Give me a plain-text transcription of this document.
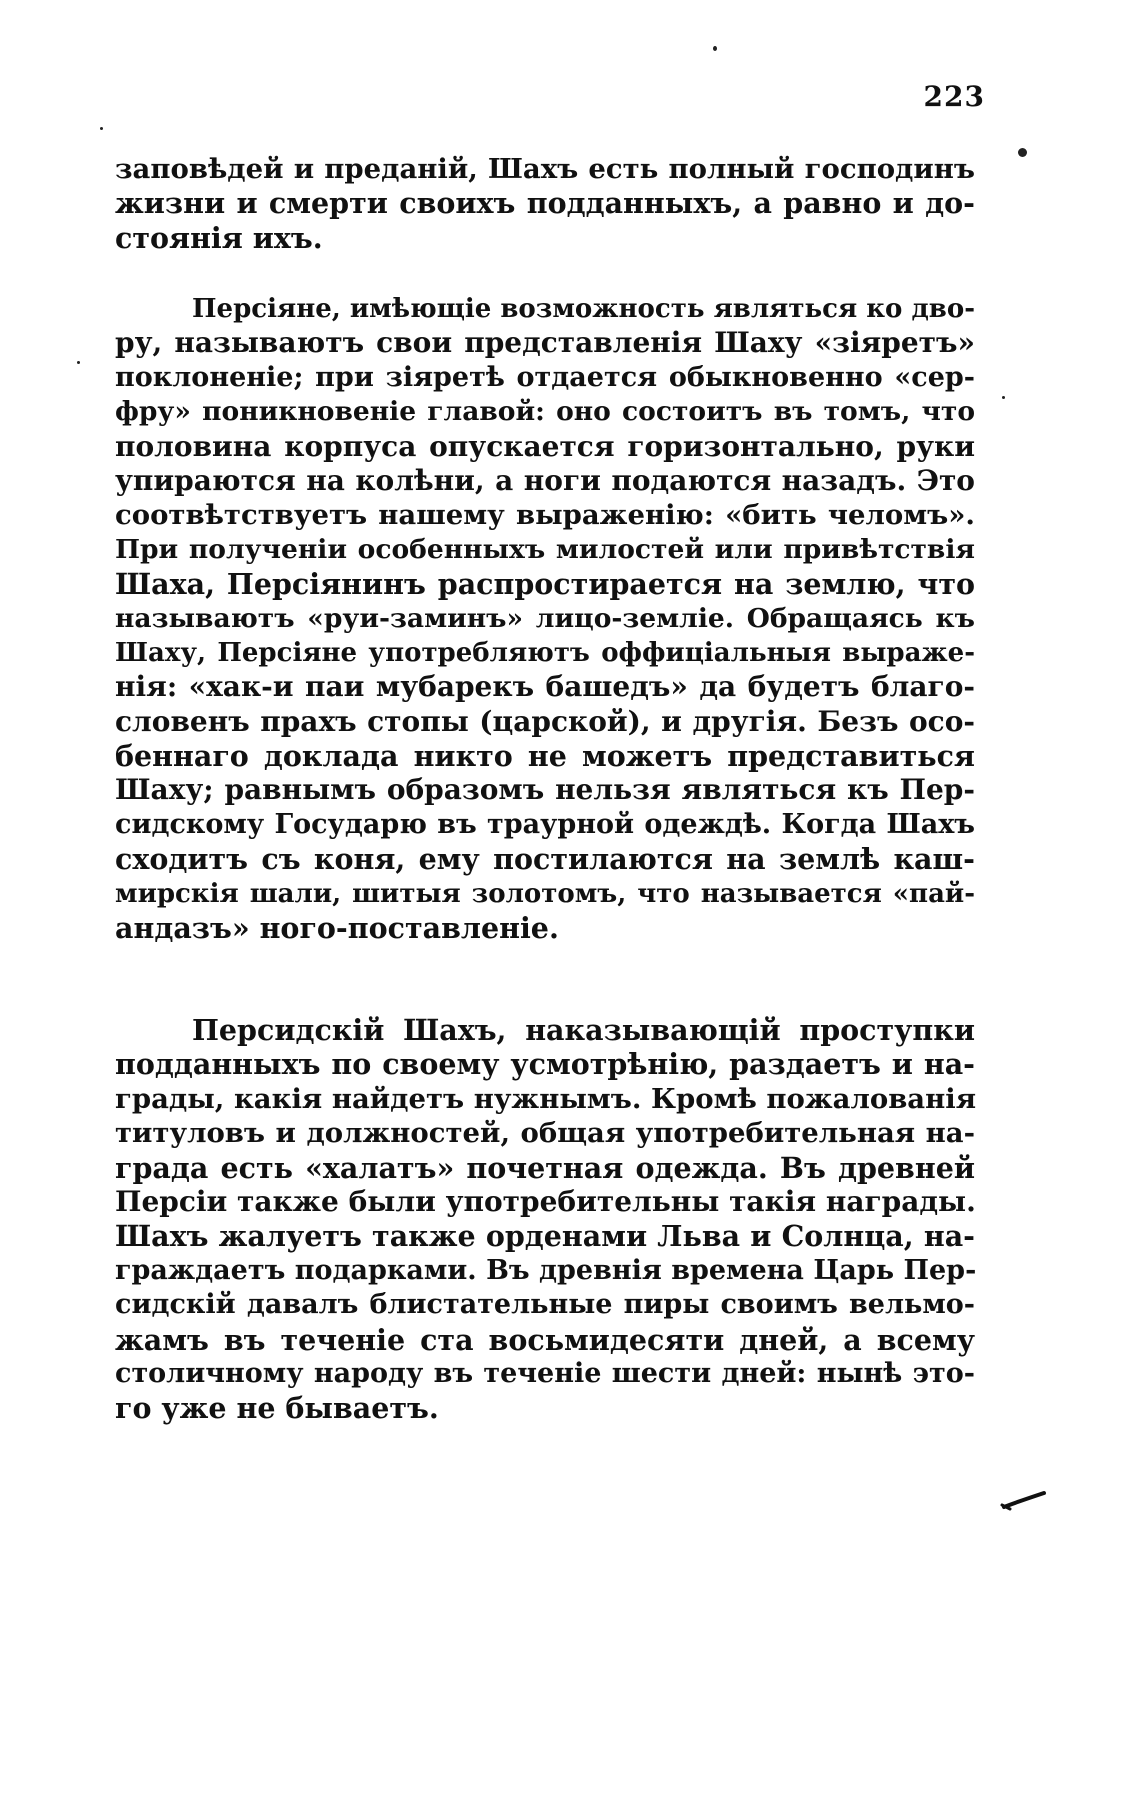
223
заповѣдей и преданій, Шахъ есть полный господинъ
жизни и смерти своихъ подданныхъ, а равно и до-
стоянія ихъ.
Персіяне, имѣющіе возможность являться ко дво-
ру, называютъ свои представленія Шаху «зіяретъ»
поклоненіе; при зіяретѣ отдается обыкновенно «сер-
фру» поникновеніе главой: оно состоитъ въ томъ, что
половина корпуса опускается горизонтально, руки
упираются на колѣни, а ноги подаются назадъ. Это
соотвѣтствуетъ нашему выраженію: «бить челомъ».
При полученіи особенныхъ милостей или привѣтствія
Шаха, Персіянинъ распростирается на землю, что
называютъ «руи-заминъ» лицо-земліе. Обращаясь къ
Шаху, Персіяне употребляютъ оффиціальныя выраже-
нія: «хак-и паи мубарекъ башедъ» да будетъ благо-
словенъ прахъ стопы (царской), и другія. Безъ осо-
беннаго доклада никто не можетъ представиться
Шаху; равнымъ образомъ нельзя являться къ Пер-
сидскому Государю въ траурной одеждѣ. Когда Шахъ
сходитъ съ коня, ему постилаются на землѣ каш-
мирскія шали, шитыя золотомъ, что называется «пай-
андазъ» ного-поставленіе.
Персидскій Шахъ, наказывающій проступки
подданныхъ по своему усмотрѣнію, раздаетъ и на-
грады, какія найдетъ нужнымъ. Кромѣ пожалованія
титуловъ и должностей, общая употребительная на-
града есть «халатъ» почетная одежда. Въ древней
Персіи также были употребительны такія награды.
Шахъ жалуетъ также орденами Льва и Солнца, на-
граждаетъ подарками. Въ древнія времена Царь Пер-
сидскій давалъ блистательные пиры своимъ вельмо-
жамъ въ теченіе ста восьмидесяти дней, а всему
столичному народу въ теченіе шести дней: нынѣ это-
го уже не бываетъ.
